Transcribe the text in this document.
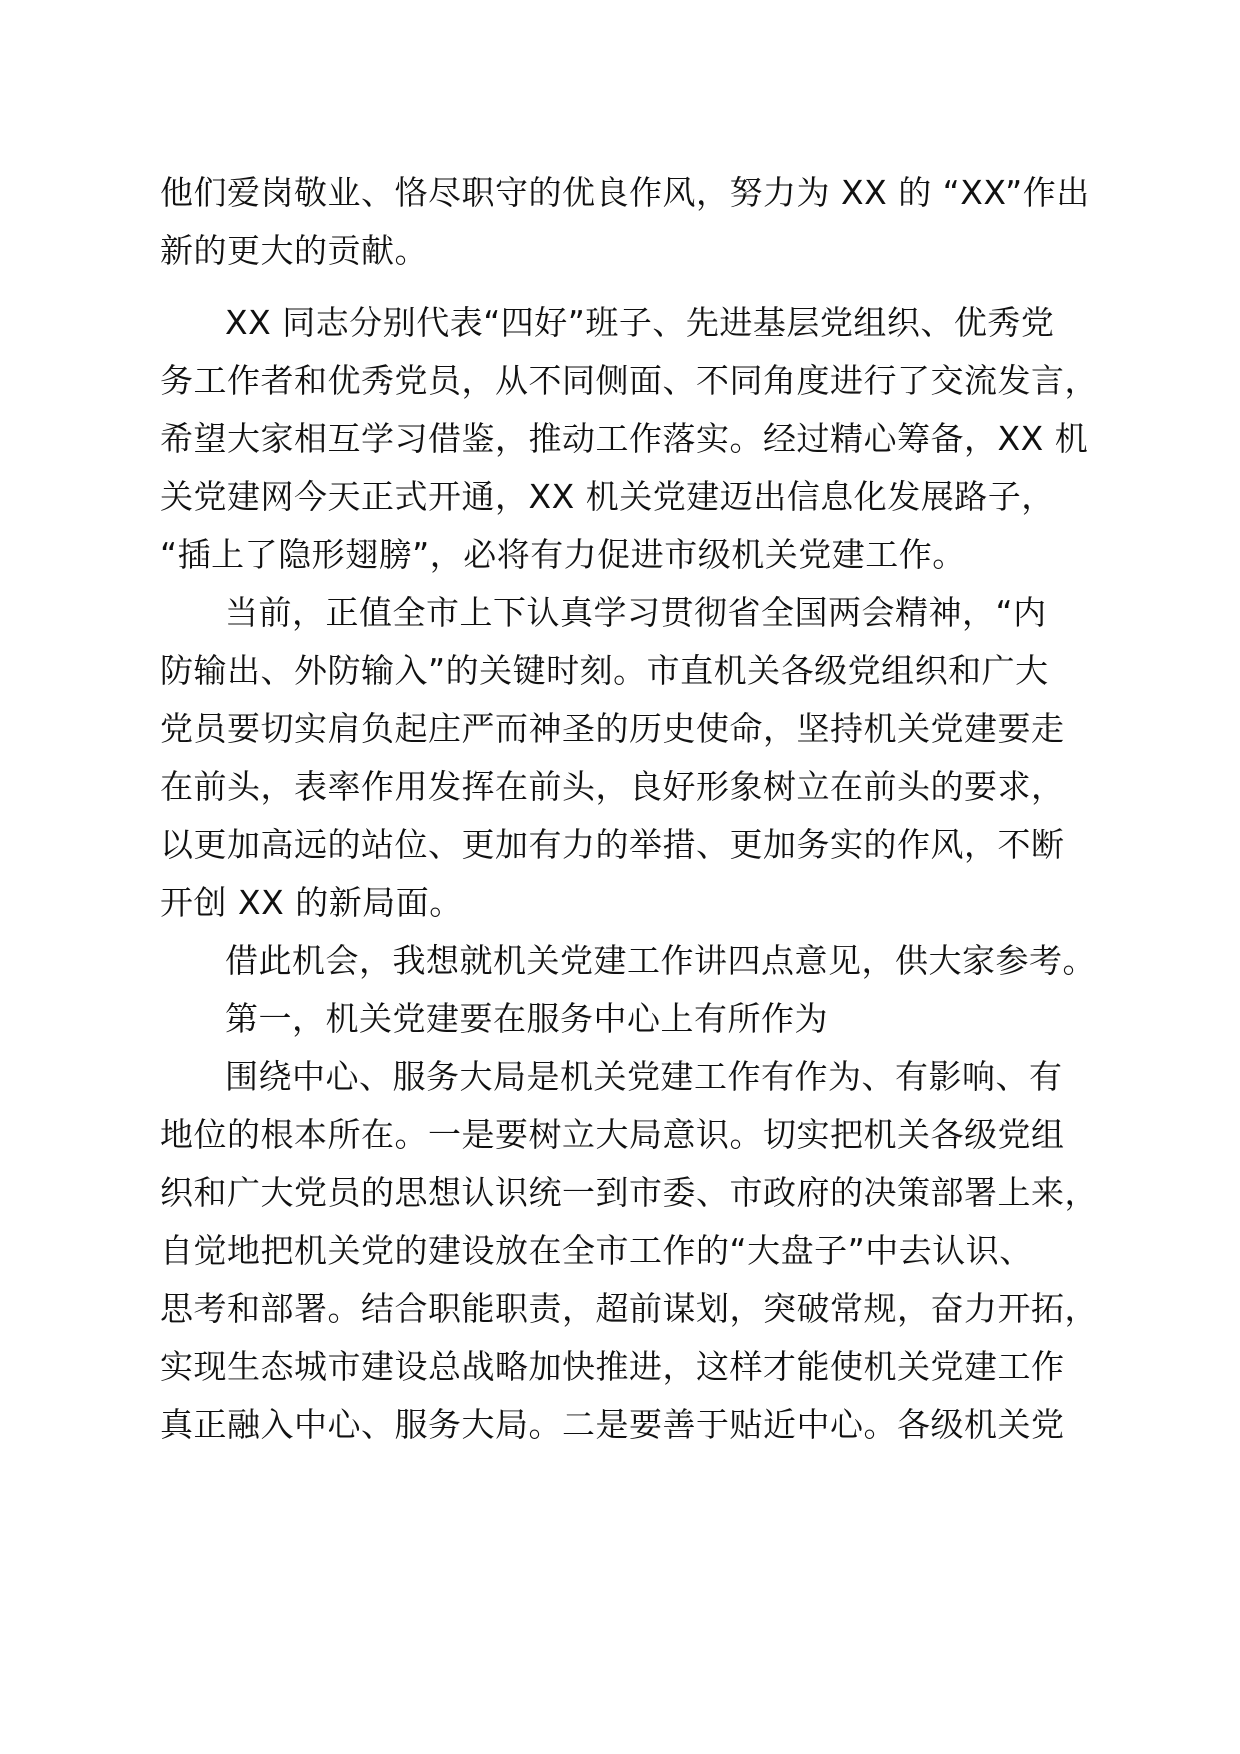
他们爱岗敬业、恪尽职守的优良作风，努力为 XX 的 “XX”作出
新的更大的贡献。
XX 同志分别代表“四好”班子、先进基层党组织、优秀党
务工作者和优秀党员，从不同侧面、不同角度进行了交流发言，
希望大家相互学习借鉴，推动工作落实。经过精心筹备，XX 机
关党建网今天正式开通，XX 机关党建迈出信息化发展路子，
“插上了隐形翅膀”，必将有力促进市级机关党建工作。
当前，正值全市上下认真学习贯彻省全国两会精神，“内
防输出、外防输入”的关键时刻。市直机关各级党组织和广大
党员要切实肩负起庄严而神圣的历史使命，坚持机关党建要走
在前头，表率作用发挥在前头，良好形象树立在前头的要求，
以更加高远的站位、更加有力的举措、更加务实的作风，不断
开创 XX 的新局面。
借此机会，我想就机关党建工作讲四点意见，供大家参考。
第一，机关党建要在服务中心上有所作为
围绕中心、服务大局是机关党建工作有作为、有影响、有
地位的根本所在。一是要树立大局意识。切实把机关各级党组
织和广大党员的思想认识统一到市委、市政府的决策部署上来，
自觉地把机关党的建设放在全市工作的“大盘子”中去认识、
思考和部署。结合职能职责，超前谋划，突破常规，奋力开拓，
实现生态城市建设总战略加快推进，这样才能使机关党建工作
真正融入中心、服务大局。二是要善于贴近中心。各级机关党
